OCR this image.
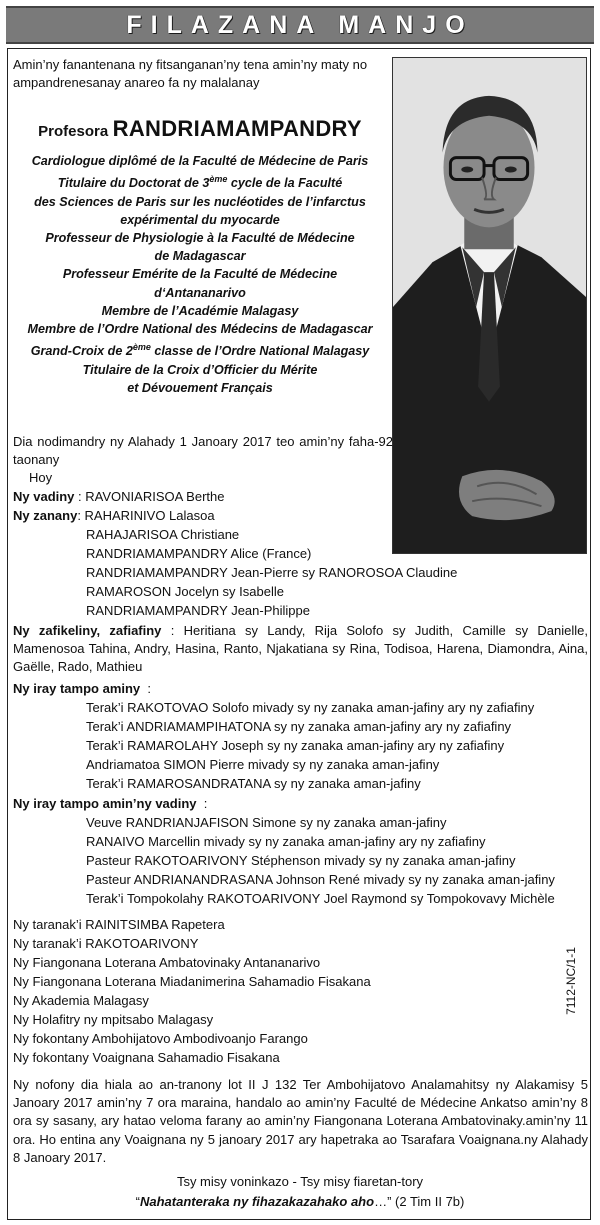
FILAZANA MANJO
Amin’ny fanantenana ny fitsanganan’ny tena amin’ny maty no ampandrenesanay anareo fa ny malalanay
Profesora RANDRIAMAMPANDRY
Cardiologue diplômé de la Faculté de Médecine de Paris
Titulaire du Doctorat de 3ème cycle de la Faculté
des Sciences de Paris sur les nucléotides de l’infarctus
expérimental du myocarde
Professeur de Physiologie à la Faculté de Médecine
de Madagascar
Professeur Emérite de la Faculté de Médecine
d‘Antananarivo
Membre de l’Académie Malagasy
Membre de l’Ordre National des Médecins de Madagascar
Grand-Croix de 2ème classe de l’Ordre National Malagasy
Titulaire de la Croix d’Officier du Mérite
et Dévouement Français
Dia nodimandry ny Alahady 1 Janoary 2017 teo amin’ny faha-92 taonany
Hoy
Ny vadiny : RAVONIARISOA Berthe
Ny zanany: RAHARINIVO Lalasoa
RAHAJARISOA Christiane
RANDRIAMAMPANDRY Alice (France)
RANDRIAMAMPANDRY Jean-Pierre sy RANOROSOA Claudine
RAMAROSON Jocelyn sy Isabelle
RANDRIAMAMPANDRY Jean-Philippe
Ny zafikeliny, zafiafiny : Heritiana sy Landy, Rija Solofo sy Judith, Camille sy Danielle, Mamenosoa Tahina, Andry, Hasina, Ranto, Njakatiana sy Rina, Todisoa, Harena, Diamondra, Aina, Gaëlle, Rado, Mathieu
Ny iray tampo aminy :
Terak’i RAKOTOVAO Solofo mivady sy ny zanaka aman-jafiny ary ny zafiafiny
Terak’i ANDRIAMAMPIHATONA sy ny zanaka aman-jafiny ary ny zafiafiny
Terak’i RAMAROLAHY Joseph sy ny zanaka aman-jafiny ary ny zafiafiny
Andriamatoa SIMON Pierre mivady sy ny zanaka aman-jafiny
Terak’i RAMAROSANDRATANA sy ny zanaka aman-jafiny
Ny iray tampo amin’ny vadiny :
Veuve RANDRIANJAFISON Simone sy ny zanaka aman-jafiny
RANAIVO Marcellin mivady sy ny zanaka aman-jafiny ary ny zafiafiny
Pasteur RAKOTOARIVONY Stéphenson mivady sy ny zanaka aman-jafiny
Pasteur ANDRIANANDRASANA Johnson René mivady sy ny zanaka aman-jafiny
Terak’i Tompokolahy RAKOTOARIVONY Joel Raymond sy Tompokovavy Michèle
Ny taranak’i RAINITSIMBA Rapetera
Ny taranak’i RAKOTOARIVONY
Ny Fiangonana Loterana Ambatovinaky Antananarivo
Ny Fiangonana Loterana Miadanimerina Sahamadio Fisakana
Ny Akademia Malagasy
Ny Holafitry ny mpitsabo Malagasy
Ny fokontany Ambohijatovo Ambodivoanjo Farango
Ny fokontany Voaignana Sahamadio Fisakana
7112-NC/1-1
Ny nofony dia hiala ao an-tranony lot II J 132 Ter Ambohijatovo Analamahitsy ny Alakamisy 5 Janoary 2017 amin’ny 7 ora maraina, handalo ao amin’ny Faculté de Médecine Ankatso amin’ny 8 ora sy sasany, ary hatao veloma farany ao amin’ny Fiangonana Loterana Ambatovinaky.amin’ny 11 ora. Ho entina any Voaignana ny 5 janoary 2017 ary hapetraka ao Tsarafara Voaignana.ny Alahady 8 Janoary 2017.
Tsy misy voninkazo - Tsy misy fiaretan-tory
“Nahatanteraka ny fihazakazahako aho…” (2 Tim II 7b)
